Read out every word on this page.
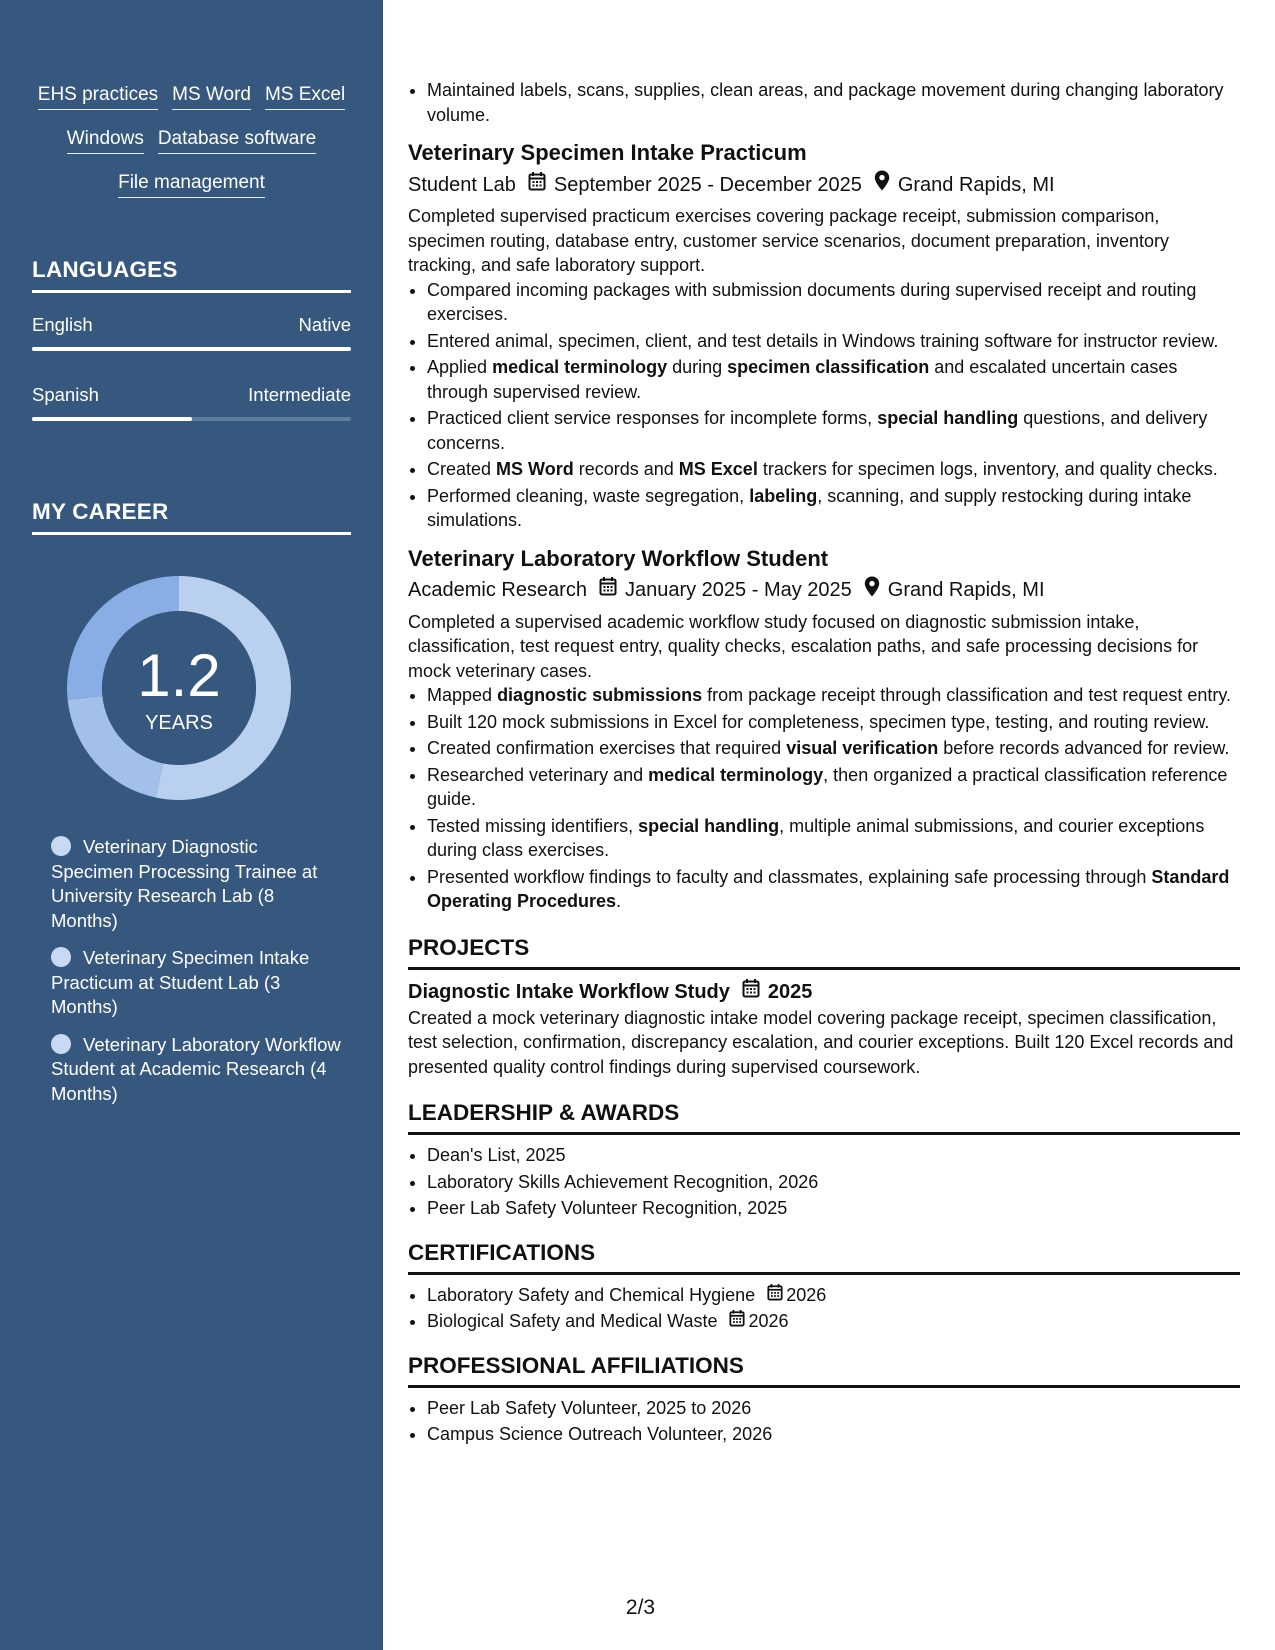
EHS practices MS Word MS Excel
Windows Database software
File management
LANGUAGES
English	Native
Spanish	Intermediate
MY CAREER
1.2
YEARS
Veterinary Diagnostic Specimen Processing Trainee at University Research Lab (8 Months)
Veterinary Specimen Intake Practicum at Student Lab (3 Months)
Veterinary Laboratory Workflow Student at Academic Research (4 Months)
• Maintained labels, scans, supplies, clean areas, and package movement during changing laboratory volume.
Veterinary Specimen Intake Practicum
Student Lab September 2025 - December 2025 Grand Rapids, MI

Completed supervised practicum exercises covering package receipt, submission comparison, specimen routing, database entry, customer service scenarios, document preparation, inventory tracking, and safe laboratory support.

• Compared incoming packages with submission documents during supervised receipt and routing exercises.
• Entered animal, specimen, client, and test details in Windows training software for instructor review.
• Applied medical terminology during specimen classification and escalated uncertain cases through supervised review.
• Practiced client service responses for incomplete forms, special handling questions, and delivery concerns.
• Created MS Word records and MS Excel trackers for specimen logs, inventory, and quality checks.
• Performed cleaning, waste segregation, labeling, scanning, and supply restocking during intake simulations.
Veterinary Laboratory Workflow Student
Academic Research January 2025 - May 2025 Grand Rapids, MI

Completed a supervised academic workflow study focused on diagnostic submission intake, classification, test request entry, quality checks, escalation paths, and safe processing decisions for mock veterinary cases.

• Mapped diagnostic submissions from package receipt through classification and test request entry.
• Built 120 mock submissions in Excel for completeness, specimen type, testing, and routing review.
• Created confirmation exercises that required visual verification before records advanced for review.
• Researched veterinary and medical terminology, then organized a practical classification reference guide.
• Tested missing identifiers, special handling, multiple animal submissions, and courier exceptions during class exercises.
• Presented workflow findings to faculty and classmates, explaining safe processing through Standard Operating Procedures.
PROJECTS
Diagnostic Intake Workflow Study 2025

Created a mock veterinary diagnostic intake model covering package receipt, specimen classification, test selection, confirmation, discrepancy escalation, and courier exceptions. Built 120 Excel records and presented quality control findings during supervised coursework.

LEADERSHIP & AWARDS
• Dean's List, 2025
• Laboratory Skills Achievement Recognition, 2026
• Peer Lab Safety Volunteer Recognition, 2025
CERTIFICATIONS
• Laboratory Safety and Chemical Hygiene 2026
• Biological Safety and Medical Waste 2026
PROFESSIONAL AFFILIATIONS
• Peer Lab Safety Volunteer, 2025 to 2026
• Campus Science Outreach Volunteer, 2026
2/3
